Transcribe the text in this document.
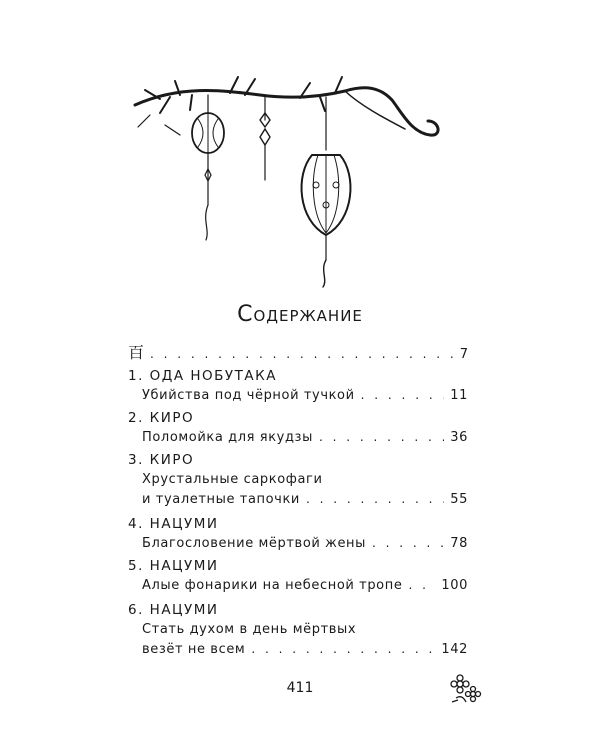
Содержание
百 . . .	7
1. ОДА НОБУТАКА
Убийства под чёрной тучкой . . .	11
2. КИРО
Поломойка для якудзы . . .	36
3. КИРО
Хрустальные саркофаги
и туалетные тапочки . . .	55
4. НАЦУМИ
Благословение мёртвой жены . . .	78
5. НАЦУМИ
Алые фонарики на небесной тропе . . .	100
6. НАЦУМИ
Стать духом в день мёртвых
везёт не всем . . .	142
411
